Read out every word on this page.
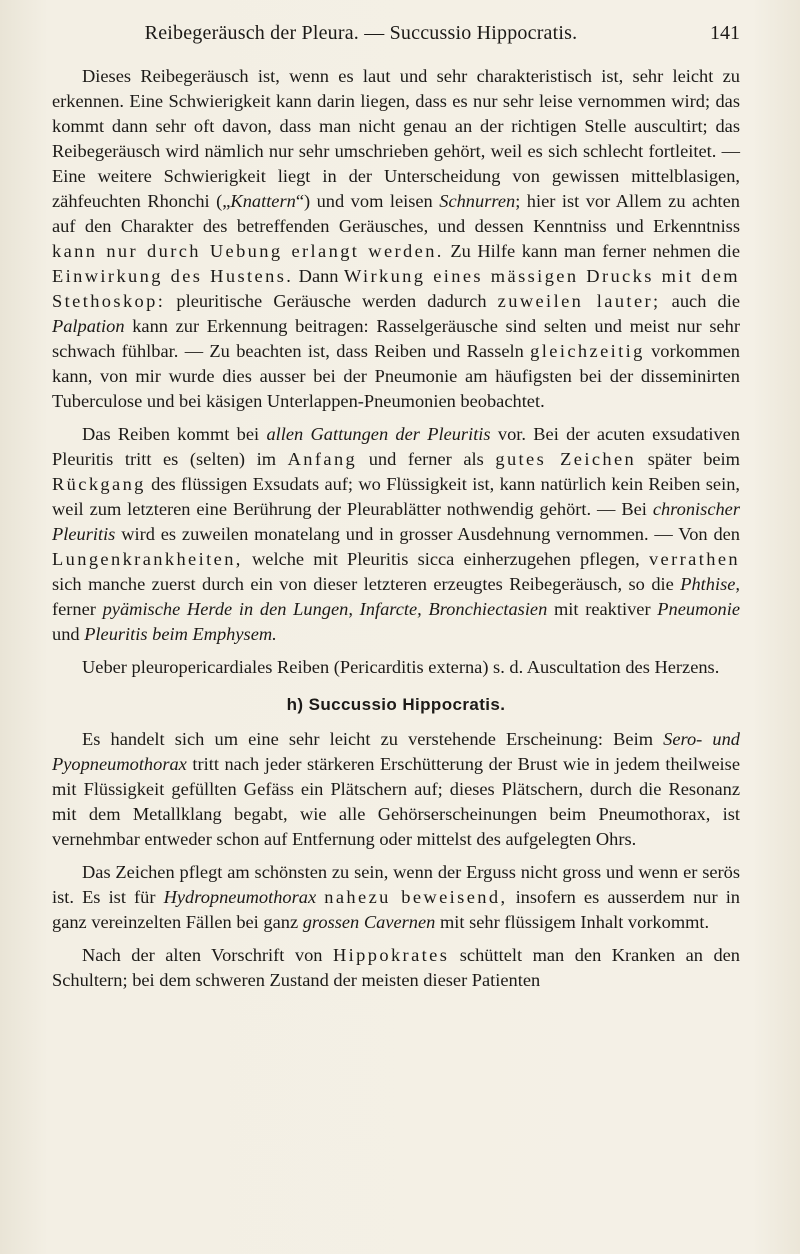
Reibegeräusch der Pleura. — Succussio Hippocratis.	141

Dieses Reibegeräusch ist, wenn es laut und sehr charakteristisch ist, sehr leicht zu erkennen. Eine Schwierigkeit kann darin liegen, dass es nur sehr leise vernommen wird; das kommt dann sehr oft davon, dass man nicht genau an der richtigen Stelle auscultirt; das Reibegeräusch wird nämlich nur sehr umschrieben gehört, weil es sich schlecht fortleitet. — Eine weitere Schwierigkeit liegt in der Unterscheidung von gewissen mittelblasigen, zähfeuchten Rhonchi („Knattern“) und vom leisen Schnurren; hier ist vor Allem zu achten auf den Charakter des betreffenden Geräusches, und dessen Kenntniss und Erkenntniss kann nur durch Uebung erlangt werden. Zu Hilfe kann man ferner nehmen die Einwirkung des Hustens. Dann Wirkung eines mässigen Drucks mit dem Stethoskop: pleuritische Geräusche werden dadurch zuweilen lauter; auch die Palpation kann zur Erkennung beitragen: Rasselgeräusche sind selten und meist nur sehr schwach fühlbar. — Zu beachten ist, dass Reiben und Rasseln gleichzeitig vorkommen kann, von mir wurde dies ausser bei der Pneumonie am häufigsten bei der disseminirten Tuberculose und bei käsigen Unterlappen-Pneumonien beobachtet.

Das Reiben kommt bei allen Gattungen der Pleuritis vor. Bei der acuten exsudativen Pleuritis tritt es (selten) im Anfang und ferner als gutes Zeichen später beim Rückgang des flüssigen Exsudats auf; wo Flüssigkeit ist, kann natürlich kein Reiben sein, weil zum letzteren eine Berührung der Pleurablätter nothwendig gehört. — Bei chronischer Pleuritis wird es zuweilen monatelang und in grosser Ausdehnung vernommen. — Von den Lungenkrankheiten, welche mit Pleuritis sicca einherzugehen pflegen, verrathen sich manche zuerst durch ein von dieser letzteren erzeugtes Reibegeräusch, so die Phthise, ferner pyämische Herde in den Lungen, Infarcte, Bronchiectasien mit reaktiver Pneumonie und Pleuritis beim Emphysem.

Ueber pleuropericardiales Reiben (Pericarditis externa) s. d. Auscultation des Herzens.

h) Succussio Hippocratis.

Es handelt sich um eine sehr leicht zu verstehende Erscheinung: Beim Sero- und Pyopneumothorax tritt nach jeder stärkeren Erschütterung der Brust wie in jedem theilweise mit Flüssigkeit gefüllten Gefäss ein Plätschern auf; dieses Plätschern, durch die Resonanz mit dem Metallklang begabt, wie alle Gehörserscheinungen beim Pneumothorax, ist vernehmbar entweder schon auf Entfernung oder mittelst des aufgelegten Ohrs.

Das Zeichen pflegt am schönsten zu sein, wenn der Erguss nicht gross und wenn er serös ist. Es ist für Hydropneumothorax nahezu beweisend, insofern es ausserdem nur in ganz vereinzelten Fällen bei ganz grossen Cavernen mit sehr flüssigem Inhalt vorkommt.

Nach der alten Vorschrift von Hippokrates schüttelt man den Kranken an den Schultern; bei dem schweren Zustand der meisten dieser Patienten
